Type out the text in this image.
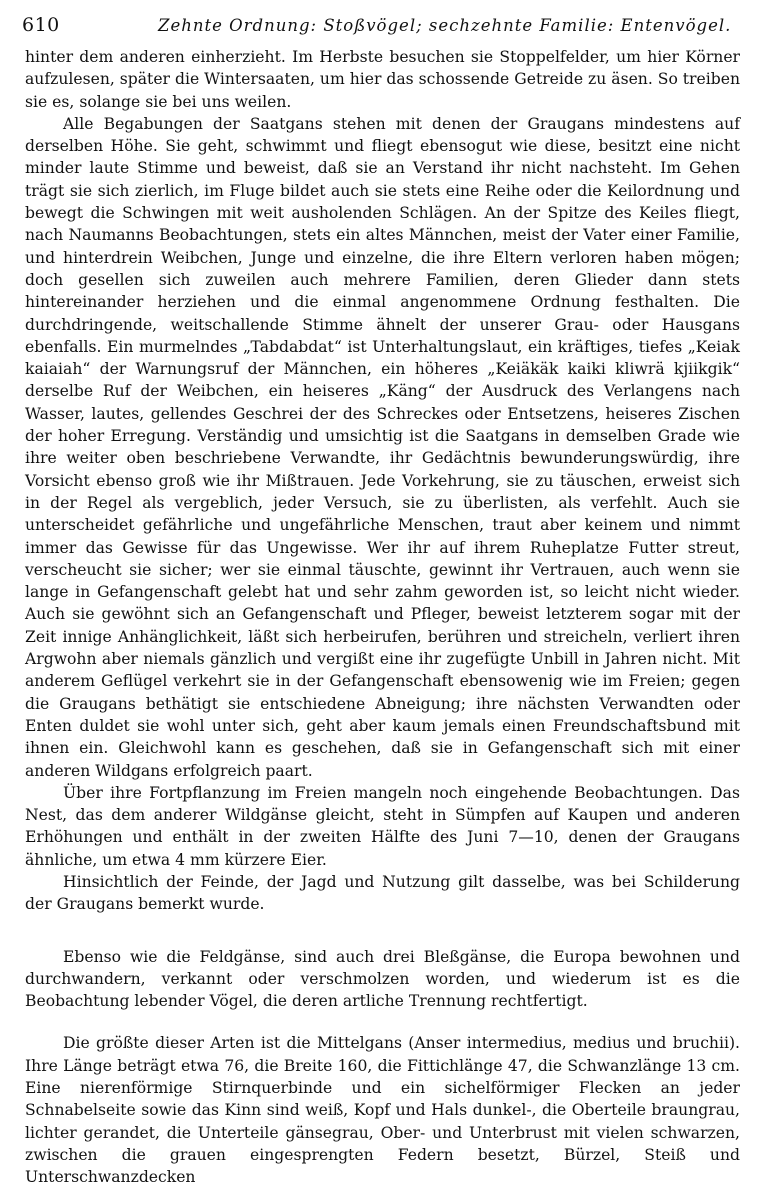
610	Zehnte Ordnung: Stoßvögel; sechzehnte Familie: Entenvögel.

hinter dem anderen einherzieht. Im Herbste besuchen sie Stoppelfelder, um hier Körner aufzulesen, später die Wintersaaten, um hier das schossende Getreide zu äsen. So treiben sie es, solange sie bei uns weilen.

Alle Begabungen der Saatgans stehen mit denen der Graugans mindestens auf derselben Höhe. Sie geht, schwimmt und fliegt ebensogut wie diese, besitzt eine nicht minder laute Stimme und beweist, daß sie an Verstand ihr nicht nachsteht. Im Gehen trägt sie sich zierlich, im Fluge bildet auch sie stets eine Reihe oder die Keilordnung und bewegt die Schwingen mit weit ausholenden Schlägen. An der Spitze des Keiles fliegt, nach Naumanns Beobachtungen, stets ein altes Männchen, meist der Vater einer Familie, und hinterdrein Weibchen, Junge und einzelne, die ihre Eltern verloren haben mögen; doch gesellen sich zuweilen auch mehrere Familien, deren Glieder dann stets hintereinander herziehen und die einmal angenommene Ordnung festhalten. Die durchdringende, weitschallende Stimme ähnelt der unserer Grau- oder Hausgans ebenfalls. Ein murmelndes „Tabdabdat“ ist Unterhaltungslaut, ein kräftiges, tiefes „Keiak kaiaiah“ der Warnungsruf der Männchen, ein höheres „Keiäkäk kaiki kliwrä kjiikgik“ derselbe Ruf der Weibchen, ein heiseres „Käng“ der Ausdruck des Verlangens nach Wasser, lautes, gellendes Geschrei der des Schreckes oder Entsetzens, heiseres Zischen der hoher Erregung. Verständig und umsichtig ist die Saatgans in demselben Grade wie ihre weiter oben beschriebene Verwandte, ihr Gedächtnis bewunderungswürdig, ihre Vorsicht ebenso groß wie ihr Mißtrauen. Jede Vorkehrung, sie zu täuschen, erweist sich in der Regel als vergeblich, jeder Versuch, sie zu überlisten, als verfehlt. Auch sie unterscheidet gefährliche und ungefährliche Menschen, traut aber keinem und nimmt immer das Gewisse für das Ungewisse. Wer ihr auf ihrem Ruheplatze Futter streut, verscheucht sie sicher; wer sie einmal täuschte, gewinnt ihr Vertrauen, auch wenn sie lange in Gefangenschaft gelebt hat und sehr zahm geworden ist, so leicht nicht wieder. Auch sie gewöhnt sich an Gefangenschaft und Pfleger, beweist letzterem sogar mit der Zeit innige Anhänglichkeit, läßt sich herbeirufen, berühren und streicheln, verliert ihren Argwohn aber niemals gänzlich und vergißt eine ihr zugefügte Unbill in Jahren nicht. Mit anderem Geflügel verkehrt sie in der Gefangenschaft ebensowenig wie im Freien; gegen die Graugans bethätigt sie entschiedene Abneigung; ihre nächsten Verwandten oder Enten duldet sie wohl unter sich, geht aber kaum jemals einen Freundschaftsbund mit ihnen ein. Gleichwohl kann es geschehen, daß sie in Gefangenschaft sich mit einer anderen Wildgans erfolgreich paart.

Über ihre Fortpflanzung im Freien mangeln noch eingehende Beobachtungen. Das Nest, das dem anderer Wildgänse gleicht, steht in Sümpfen auf Kaupen und anderen Erhöhungen und enthält in der zweiten Hälfte des Juni 7—10, denen der Graugans ähnliche, um etwa 4 mm kürzere Eier.

Hinsichtlich der Feinde, der Jagd und Nutzung gilt dasselbe, was bei Schilderung der Graugans bemerkt wurde.

Ebenso wie die Feldgänse, sind auch drei Bleßgänse, die Europa bewohnen und durchwandern, verkannt oder verschmolzen worden, und wiederum ist es die Beobachtung lebender Vögel, die deren artliche Trennung rechtfertigt.

Die größte dieser Arten ist die Mittelgans (Anser intermedius, medius und bruchii). Ihre Länge beträgt etwa 76, die Breite 160, die Fittichlänge 47, die Schwanzlänge 13 cm. Eine nierenförmige Stirnquerbinde und ein sichelförmiger Flecken an jeder Schnabelseite sowie das Kinn sind weiß, Kopf und Hals dunkel-, die Oberteile braungrau, lichter gerandet, die Unterteile gänsegrau, Ober- und Unterbrust mit vielen schwarzen, zwischen die grauen eingesprengten Federn besetzt, Bürzel, Steiß und Unterschwanzdecken
